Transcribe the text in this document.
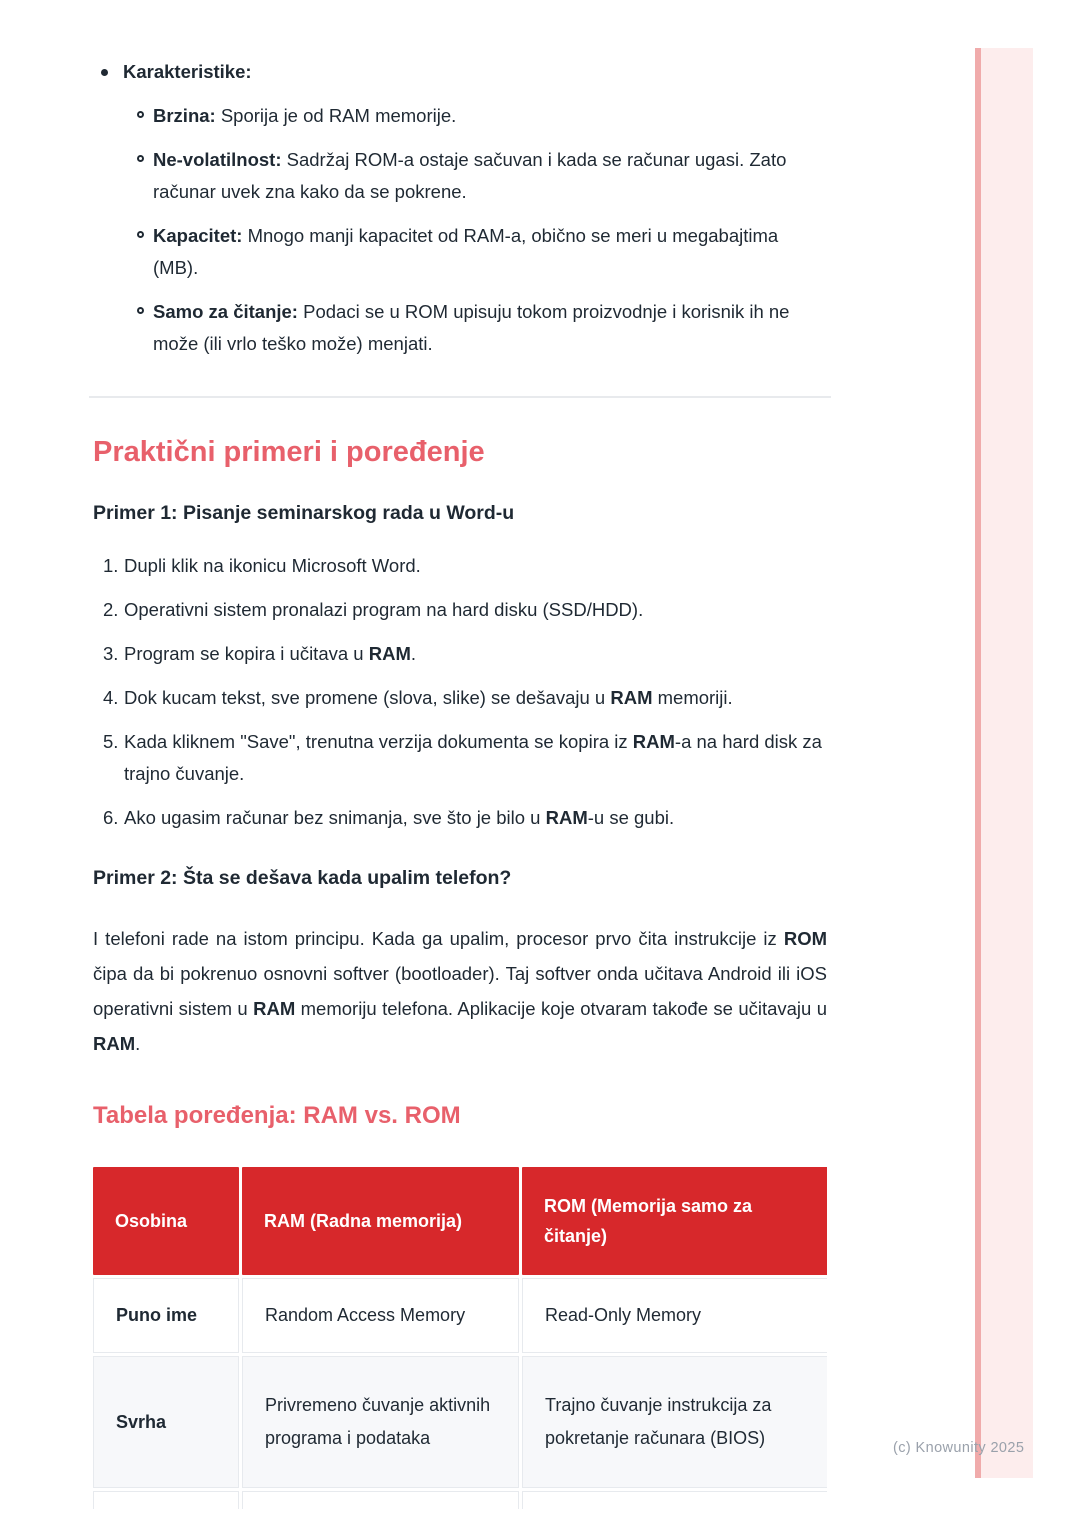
Karakteristike:
Brzina: Sporija je od RAM memorije.
Ne-volatilnost: Sadržaj ROM-a ostaje sačuvan i kada se računar ugasi. Zato računar uvek zna kako da se pokrene.
Kapacitet: Mnogo manji kapacitet od RAM-a, obično se meri u megabajtima (MB).
Samo za čitanje: Podaci se u ROM upisuju tokom proizvodnje i korisnik ih ne može (ili vrlo teško može) menjati.
Praktični primeri i poređenje
Primer 1: Pisanje seminarskog rada u Word-u
1. Dupli klik na ikonicu Microsoft Word.
2. Operativni sistem pronalazi program na hard disku (SSD/HDD).
3. Program se kopira i učitava u RAM.
4. Dok kucam tekst, sve promene (slova, slike) se dešavaju u RAM memoriji.
5. Kada kliknem "Save", trenutna verzija dokumenta se kopira iz RAM-a na hard disk za trajno čuvanje.
6. Ako ugasim računar bez snimanja, sve što je bilo u RAM-u se gubi.
Primer 2: Šta se dešava kada upalim telefon?

I telefoni rade na istom principu. Kada ga upalim, procesor prvo čita instrukcije iz ROM čipa da bi pokrenuo osnovni softver (bootloader). Taj softver onda učitava Android ili iOS operativni sistem u RAM memoriju telefona. Aplikacije koje otvaram takođe se učitavaju u RAM.

Tabela poređenja: RAM vs. ROM
Osobina	RAM (Radna memorija)	ROM (Memorija samo za čitanje)
Puno ime	Random Access Memory	Read-Only Memory
Svrha	Privremeno čuvanje aktivnih programa i podataka	Trajno čuvanje instrukcija za pokretanje računara (BIOS)
			(c) Knowunity 2025
